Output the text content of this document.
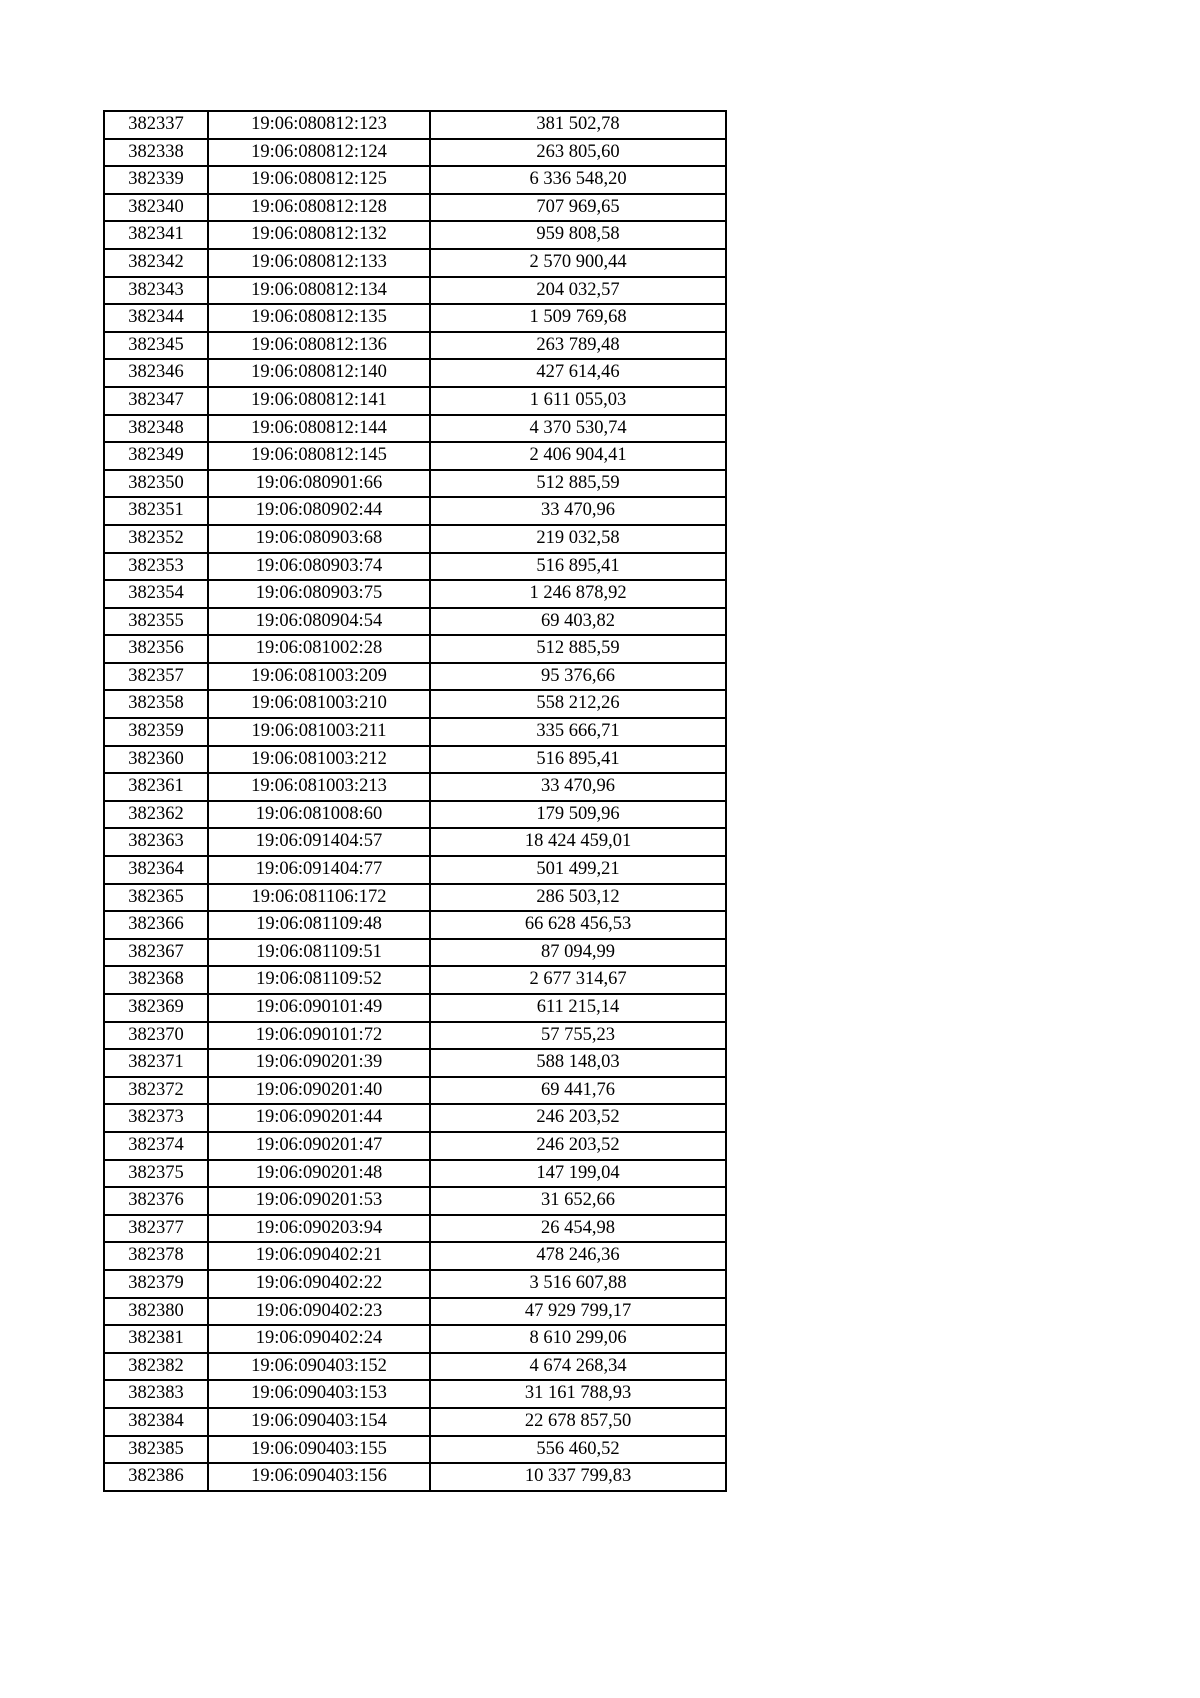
382337	19:06:080812:123	381 502,78
382338	19:06:080812:124	263 805,60
382339	19:06:080812:125	6 336 548,20
382340	19:06:080812:128	707 969,65
382341	19:06:080812:132	959 808,58
382342	19:06:080812:133	2 570 900,44
382343	19:06:080812:134	204 032,57
382344	19:06:080812:135	1 509 769,68
382345	19:06:080812:136	263 789,48
382346	19:06:080812:140	427 614,46
382347	19:06:080812:141	1 611 055,03
382348	19:06:080812:144	4 370 530,74
382349	19:06:080812:145	2 406 904,41
382350	19:06:080901:66	512 885,59
382351	19:06:080902:44	33 470,96
382352	19:06:080903:68	219 032,58
382353	19:06:080903:74	516 895,41
382354	19:06:080903:75	1 246 878,92
382355	19:06:080904:54	69 403,82
382356	19:06:081002:28	512 885,59
382357	19:06:081003:209	95 376,66
382358	19:06:081003:210	558 212,26
382359	19:06:081003:211	335 666,71
382360	19:06:081003:212	516 895,41
382361	19:06:081003:213	33 470,96
382362	19:06:081008:60	179 509,96
382363	19:06:091404:57	18 424 459,01
382364	19:06:091404:77	501 499,21
382365	19:06:081106:172	286 503,12
382366	19:06:081109:48	66 628 456,53
382367	19:06:081109:51	87 094,99
382368	19:06:081109:52	2 677 314,67
382369	19:06:090101:49	611 215,14
382370	19:06:090101:72	57 755,23
382371	19:06:090201:39	588 148,03
382372	19:06:090201:40	69 441,76
382373	19:06:090201:44	246 203,52
382374	19:06:090201:47	246 203,52
382375	19:06:090201:48	147 199,04
382376	19:06:090201:53	31 652,66
382377	19:06:090203:94	26 454,98
382378	19:06:090402:21	478 246,36
382379	19:06:090402:22	3 516 607,88
382380	19:06:090402:23	47 929 799,17
382381	19:06:090402:24	8 610 299,06
382382	19:06:090403:152	4 674 268,34
382383	19:06:090403:153	31 161 788,93
382384	19:06:090403:154	22 678 857,50
382385	19:06:090403:155	556 460,52
382386	19:06:090403:156	10 337 799,83
